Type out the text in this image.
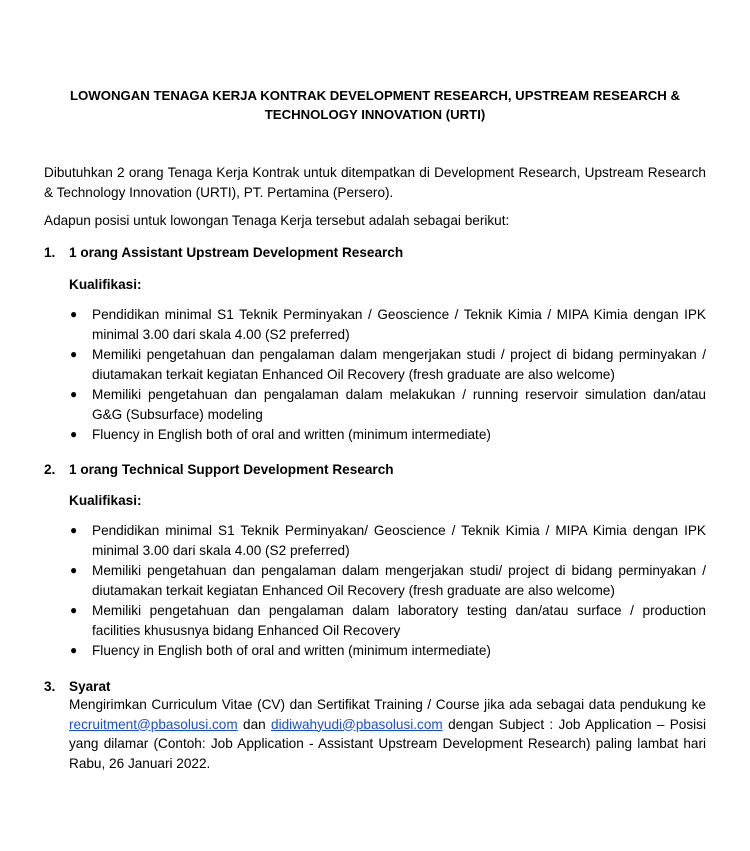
LOWONGAN TENAGA KERJA KONTRAK DEVELOPMENT RESEARCH, UPSTREAM RESEARCH &
TECHNOLOGY INNOVATION (URTI)
Dibutuhkan 2 orang Tenaga Kerja Kontrak untuk ditempatkan di Development Research, Upstream Research & Technology Innovation (URTI), PT. Pertamina (Persero).
Adapun posisi untuk lowongan Tenaga Kerja tersebut adalah sebagai berikut:
1. 1 orang Assistant Upstream Development Research
Kualifikasi:
● Pendidikan minimal S1 Teknik Perminyakan / Geoscience / Teknik Kimia / MIPA Kimia dengan IPK minimal 3.00 dari skala 4.00 (S2 preferred)
● Memiliki pengetahuan dan pengalaman dalam mengerjakan studi / project di bidang perminyakan / diutamakan terkait kegiatan Enhanced Oil Recovery (fresh graduate are also welcome)
● Memiliki pengetahuan dan pengalaman dalam melakukan / running reservoir simulation dan/atau G&G (Subsurface) modeling
● Fluency in English both of oral and written (minimum intermediate)
2. 1 orang Technical Support Development Research
Kualifikasi:
● Pendidikan minimal S1 Teknik Perminyakan/ Geoscience / Teknik Kimia / MIPA Kimia dengan IPK minimal 3.00 dari skala 4.00 (S2 preferred)
● Memiliki pengetahuan dan pengalaman dalam mengerjakan studi/ project di bidang perminyakan / diutamakan terkait kegiatan Enhanced Oil Recovery (fresh graduate are also welcome)
● Memiliki pengetahuan dan pengalaman dalam laboratory testing dan/atau surface / production facilities khususnya bidang Enhanced Oil Recovery
● Fluency in English both of oral and written (minimum intermediate)
3. Syarat
Mengirimkan Curriculum Vitae (CV) dan Sertifikat Training / Course jika ada sebagai data pendukung ke recruitment@pbasolusi.com dan didiwahyudi@pbasolusi.com dengan Subject : Job Application – Posisi yang dilamar (Contoh: Job Application - Assistant Upstream Development Research) paling lambat hari Rabu, 26 Januari 2022.
